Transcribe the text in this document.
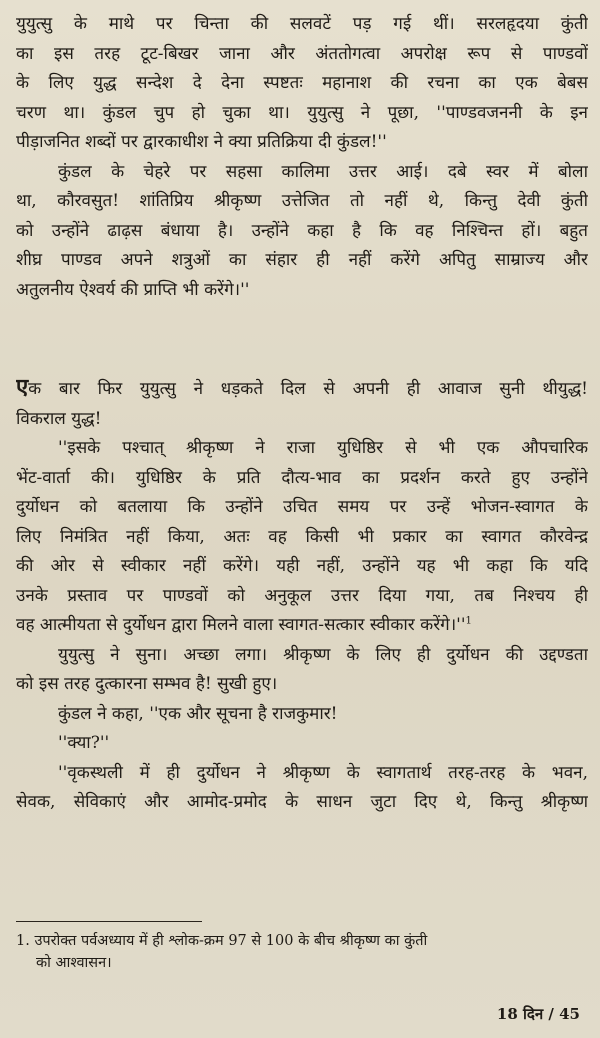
युयुत्सु के माथे पर चिन्ता की सलवटें पड़ गई थीं। सरलहृदया कुंती
का इस तरह टूट-बिखर जाना और अंततोगत्वा अपरोक्ष रूप से पाण्डवों
के लिए युद्ध सन्देश दे देना स्पष्टतः महानाश की रचना का एक बेबस
चरण था। कुंडल चुप हो चुका था। युयुत्सु ने पूछा, ''पाण्डवजननी के इन
पीड़ाजनित शब्दों पर द्वारकाधीश ने क्या प्रतिक्रिया दी कुंडल!''
कुंडल के चेहरे पर सहसा कालिमा उत्तर आई। दबे स्वर में बोला
था, कौरवसुत! शांतिप्रिय श्रीकृष्ण उत्तेजित तो नहीं थे, किन्तु देवी कुंती
को उन्होंने ढाढ़स बंधाया है। उन्होंने कहा है कि वह निश्चिन्त हों। बहुत
शीघ्र पाण्डव अपने शत्रुओं का संहार ही नहीं करेंगे अपितु साम्राज्य और
अतुलनीय ऐश्वर्य की प्राप्ति भी करेंगे।''
एक बार फिर युयुत्सु ने धड़कते दिल से अपनी ही आवाज सुनी थीयुद्ध!
विकराल युद्ध!
''इसके पश्चात् श्रीकृष्ण ने राजा युधिष्ठिर से भी एक औपचारिक
भेंट-वार्ता की। युधिष्ठिर के प्रति दौत्य-भाव का प्रदर्शन करते हुए उन्होंने
दुर्योधन को बतलाया कि उन्होंने उचित समय पर उन्हें भोजन-स्वागत के
लिए निमंत्रित नहीं किया, अतः वह किसी भी प्रकार का स्वागत कौरवेन्द्र
की ओर से स्वीकार नहीं करेंगे। यही नहीं, उन्होंने यह भी कहा कि यदि
उनके प्रस्ताव पर पाण्डवों को अनुकूल उत्तर दिया गया, तब निश्चय ही
वह आत्मीयता से दुर्योधन द्वारा मिलने वाला स्वागत-सत्कार स्वीकार $करेंगे।''^1$
युयुत्सु ने सुना। अच्छा लगा। श्रीकृष्ण के लिए ही दुर्योधन की उद्दण्डता
को इस तरह दुत्कारना सम्भव है! सुखी हुए।
कुंडल ने कहा, ''एक और सूचना है राजकुमार!
''क्या?''
''वृकस्थली में ही दुर्योधन ने श्रीकृष्ण के स्वागतार्थ तरह-तरह के भवन,
सेवक, सेविकाएं और आमोद-प्रमोद के साधन जुटा दिए थे, किन्तु श्रीकृष्ण
1. उपरोक्त पर्वअध्याय में ही श्लोक-क्रम 97 से 100 के बीच श्रीकृष्ण का कुंती
को आश्वासन।
18 दिन / 45
